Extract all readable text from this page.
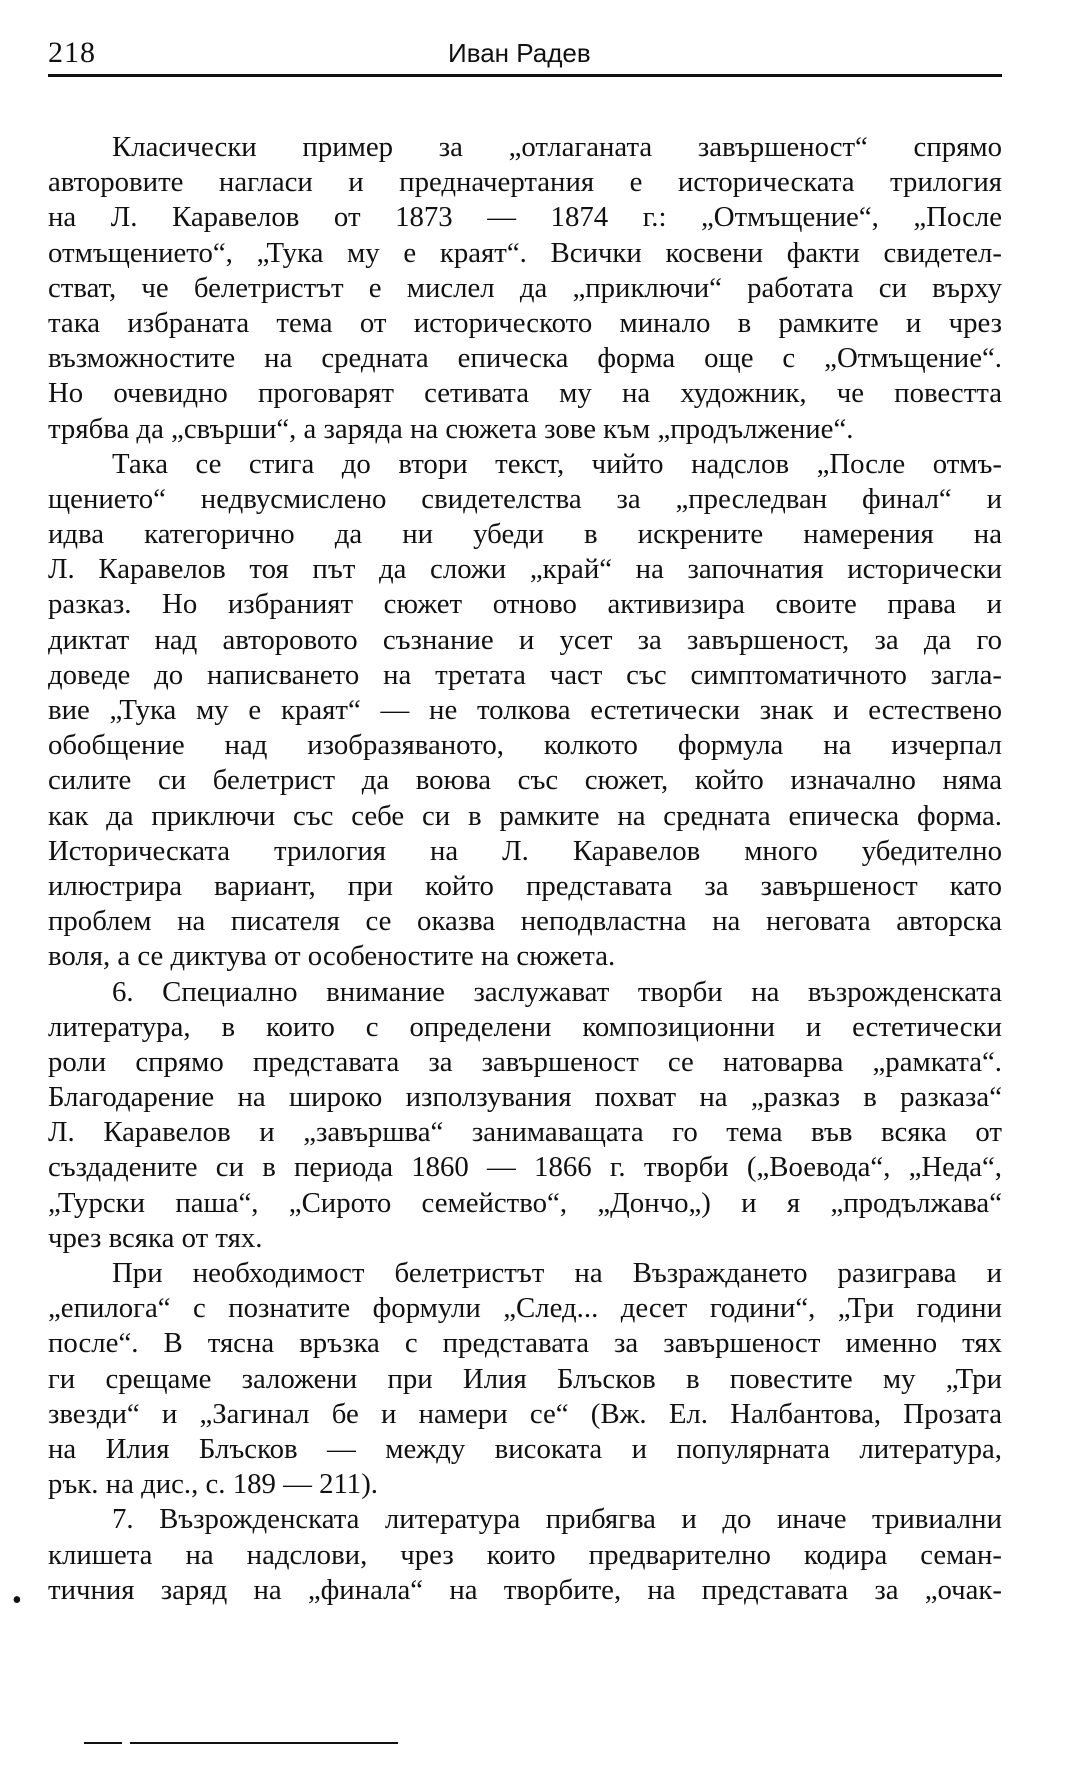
218	Иван Радев
Класически пример за „отлаганата завършеност“ спрямо
авторовите нагласи и предначертания е историческата трилогия
на Л. Каравелов от 1873 — 1874 г.: „Отмъщение“, „После
отмъщението“, „Тука му е краят“. Всички косвени факти свидетел-
стват, че белетристът е мислел да „приключи“ работата си върху
така избраната тема от историческото минало в рамките и чрез
възможностите на средната епическа форма още с „Отмъщение“.
Но очевидно проговарят сетивата му на художник, че повестта
трябва да „свърши“, а заряда на сюжета зове към „продължение“.
Така се стига до втори текст, чийто надслов „После отмъ-
щението“ недвусмислено свидетелства за „преследван финал“ и
идва категорично да ни убеди в искрените намерения на
Л. Каравелов тоя път да сложи „край“ на започнатия исторически
разказ. Но избраният сюжет отново активизира своите права и
диктат над авторовото съзнание и усет за завършеност, за да го
доведе до написването на третата част със симптоматичното загла-
вие „Тука му е краят“ — не толкова естетически знак и естествено
обобщение над изобразяваното, колкото формула на изчерпал
силите си белетрист да воюва със сюжет, който изначално няма
как да приключи със себе си в рамките на средната епическа форма.
Историческата трилогия на Л. Каравелов много убедително
илюстрира вариант, при който представата за завършеност като
проблем на писателя се оказва неподвластна на неговата авторска
воля, а се диктува от особеностите на сюжета.
6. Специално внимание заслужават творби на възрожденската
литература, в които с определени композиционни и естетически
роли спрямо представата за завършеност се натоварва „рамката“.
Благодарение на широко използувания похват на „разказ в разказа“
Л. Каравелов и „завършва“ занимаващата го тема във всяка от
създадените си в периода 1860 — 1866 г. творби („Воевода“, „Неда“,
„Турски паша“, „Сирото семейство“, „Дончо„) и я „продължава“
чрез всяка от тях.
При необходимост белетристът на Възраждането разиграва и
„епилога“ с познатите формули „След... десет години“, „Три години
после“. В тясна връзка с представата за завършеност именно тях
ги срещаме заложени при Илия Блъсков в повестите му „Три
звезди“ и „Загинал бе и намери се“ (Вж. Ел. Налбантова, Прозата
на Илия Блъсков — между високата и популярната литература,
рък. на дис., с. 189 — 211).
7. Възрожденската литература прибягва и до иначе тривиални
клишета на надслови, чрез които предварително кодира семан-
тичния заряд на „финала“ на творбите, на представата за „очак-
•
